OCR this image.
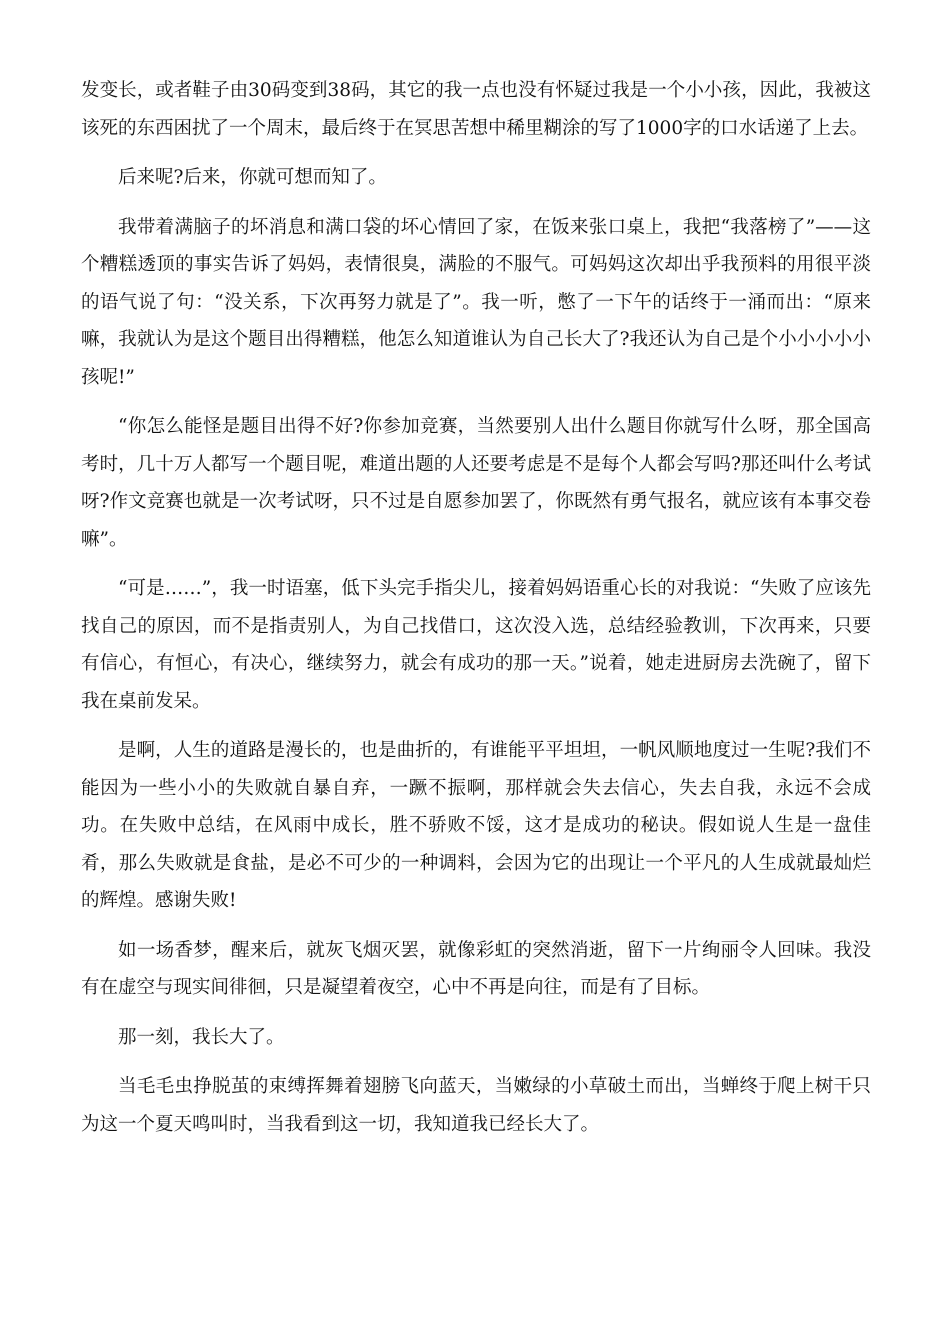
发变长，或者鞋子由30码变到38码，其它的我一点也没有怀疑过我是一个小小孩，因此，我被这该死的东西困扰了一个周末，最后终于在冥思苦想中稀里糊涂的写了1000字的口水话递了上去。

后来呢?后来，你就可想而知了。

我带着满脑子的坏消息和满口袋的坏心情回了家，在饭来张口桌上，我把“我落榜了”——这个糟糕透顶的事实告诉了妈妈，表情很臭，满脸的不服气。可妈妈这次却出乎我预料的用很平淡的语气说了句：“没关系，下次再努力就是了”。我一听，憋了一下午的话终于一涌而出：“原来嘛，我就认为是这个题目出得糟糕，他怎么知道谁认为自己长大了?我还认为自己是个小小小小小孩呢!”

“你怎么能怪是题目出得不好?你参加竞赛，当然要别人出什么题目你就写什么呀，那全国高考时，几十万人都写一个题目呢，难道出题的人还要考虑是不是每个人都会写吗?那还叫什么考试呀?作文竞赛也就是一次考试呀，只不过是自愿参加罢了，你既然有勇气报名，就应该有本事交卷嘛”。

“可是……”，我一时语塞，低下头完手指尖儿，接着妈妈语重心长的对我说：“失败了应该先找自己的原因，而不是指责别人，为自己找借口，这次没入选，总结经验教训，下次再来，只要有信心，有恒心，有决心，继续努力，就会有成功的那一天。”说着，她走进厨房去洗碗了，留下我在桌前发呆。

是啊，人生的道路是漫长的，也是曲折的，有谁能平平坦坦，一帆风顺地度过一生呢?我们不能因为一些小小的失败就自暴自弃，一蹶不振啊，那样就会失去信心，失去自我，永远不会成功。在失败中总结，在风雨中成长，胜不骄败不馁，这才是成功的秘诀。假如说人生是一盘佳肴，那么失败就是食盐，是必不可少的一种调料，会因为它的出现让一个平凡的人生成就最灿烂的辉煌。感谢失败!

如一场香梦，醒来后，就灰飞烟灭罢，就像彩虹的突然消逝，留下一片绚丽令人回味。我没有在虚空与现实间徘徊，只是凝望着夜空，心中不再是向往，而是有了目标。

那一刻，我长大了。

当毛毛虫挣脱茧的束缚挥舞着翅膀飞向蓝天，当嫩绿的小草破土而出，当蝉终于爬上树干只为这一个夏天鸣叫时，当我看到这一切，我知道我已经长大了。
